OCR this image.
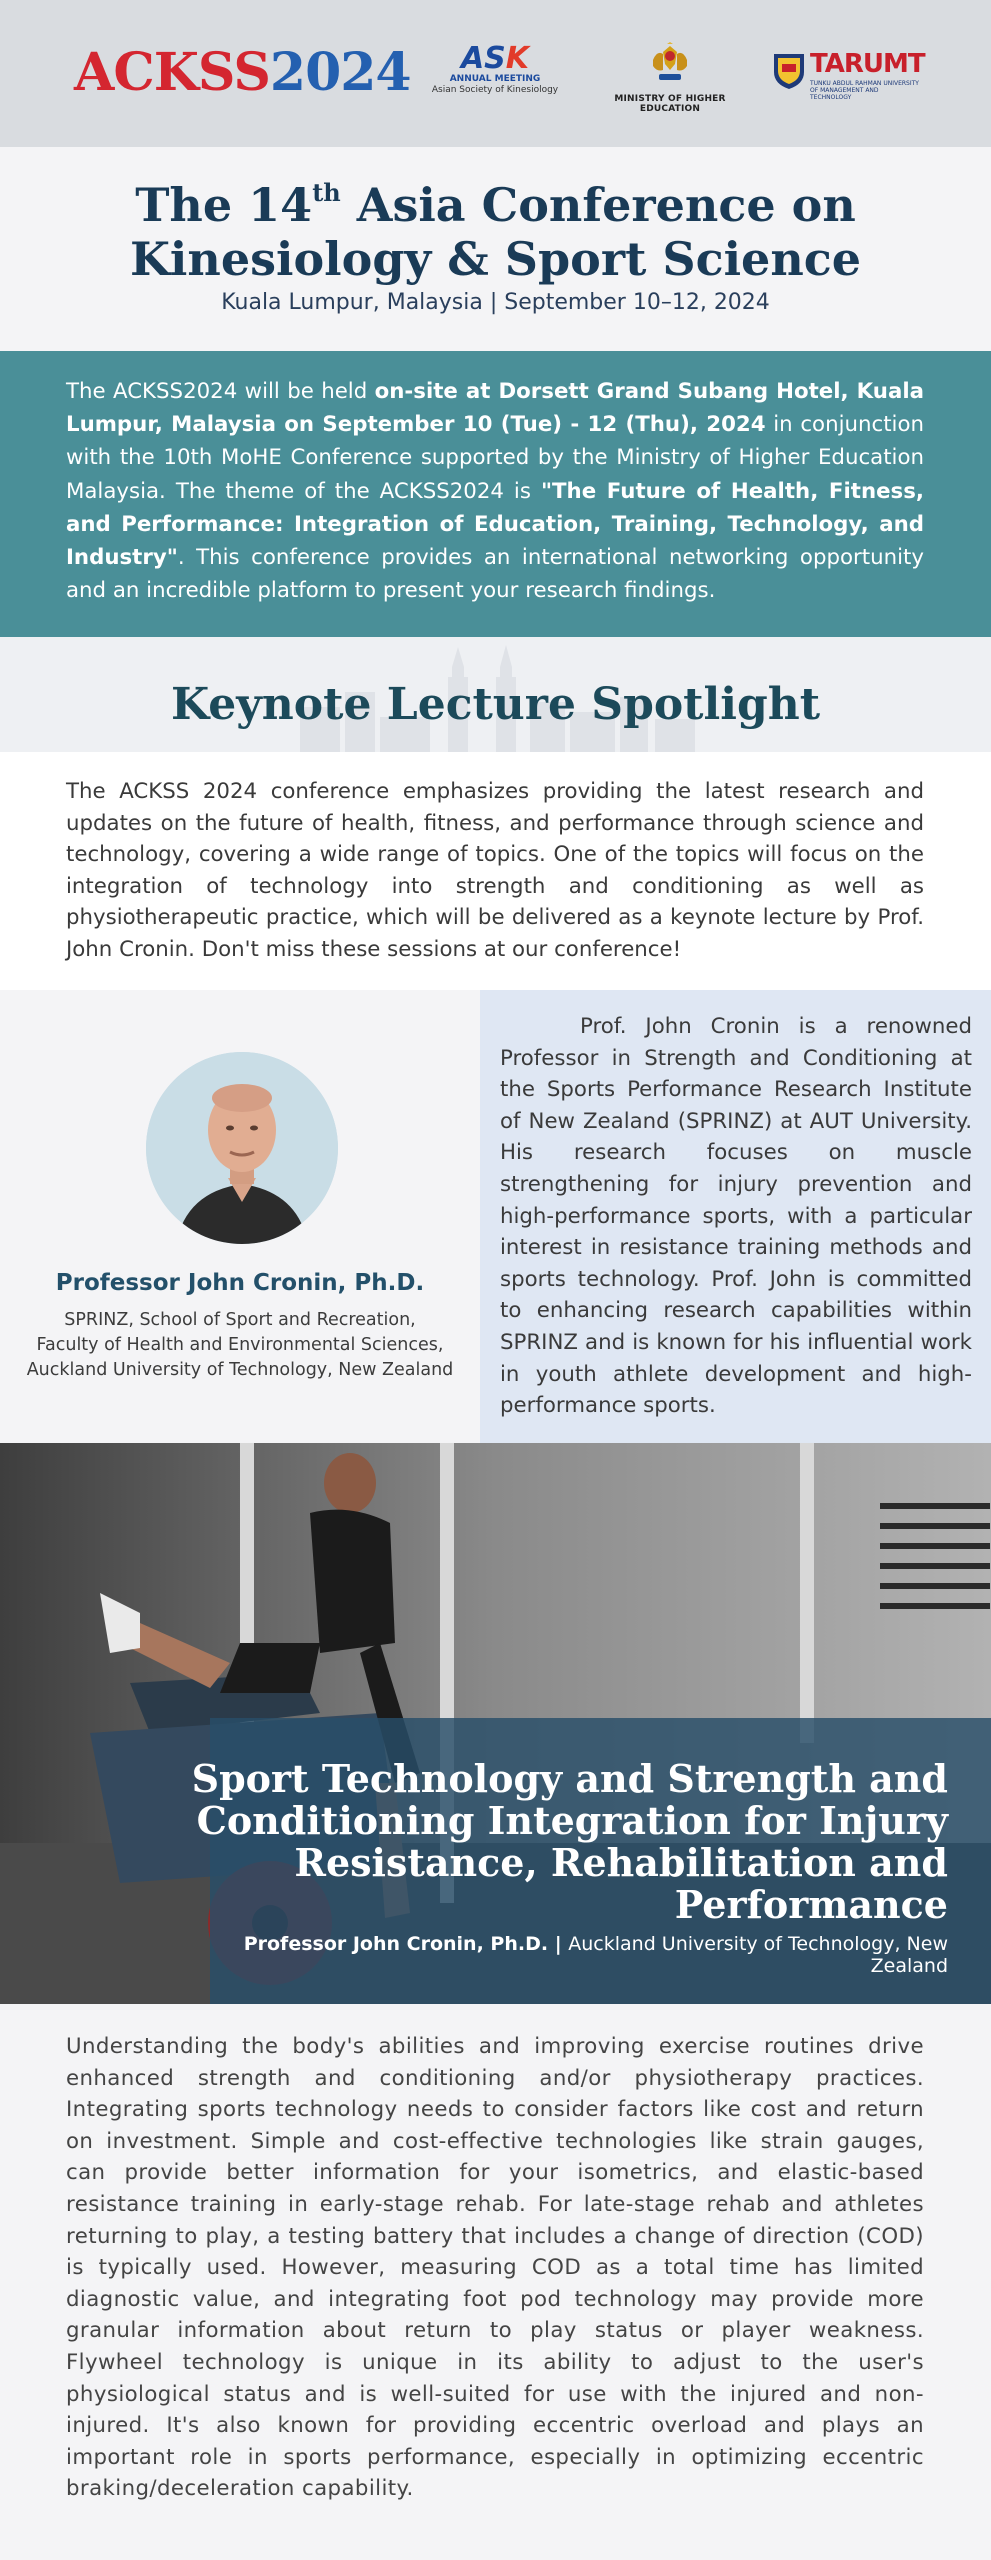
ACKSS2024	ASK
ANNUAL MEETING
Asian Society of Kinesiology
MINISTRY OF HIGHER EDUCATION
TARUMT
TUNKU ABDUL RAHMAN UNIVERSITY OF MANAGEMENT AND TECHNOLOGY
The 14th Asia Conference on
Kinesiology & Sport Science
Kuala Lumpur, Malaysia | September 10–12, 2024

The ACKSS2024 will be held on-site at Dorsett Grand Subang Hotel, Kuala Lumpur, Malaysia on September 10 (Tue) - 12 (Thu), 2024 in conjunction with the 10th MoHE Conference supported by the Ministry of Higher Education Malaysia. The theme of the ACKSS2024 is "The Future of Health, Fitness, and Performance: Integration of Education, Training, Technology, and Industry". This conference provides an international networking opportunity and an incredible platform to present your research findings.

Keynote Lecture Spotlight

The ACKSS 2024 conference emphasizes providing the latest research and updates on the future of health, fitness, and performance through science and technology, covering a wide range of topics. One of the topics will focus on the integration of technology into strength and conditioning as well as physiotherapeutic practice, which will be delivered as a keynote lecture by Prof. John Cronin. Don't miss these sessions at our conference!

Professor John Cronin, Ph.D.
SPRINZ, School of Sport and Recreation,
Faculty of Health and Environmental Sciences,
Auckland University of Technology, New Zealand

Prof. John Cronin is a renowned Professor in Strength and Conditioning at the Sports Performance Research Institute of New Zealand (SPRINZ) at AUT University. His research focuses on muscle strengthening for injury prevention and high-performance sports, with a particular interest in resistance training methods and sports technology. Prof. John is committed to enhancing research capabilities within SPRINZ and is known for his influential work in youth athlete development and high-performance sports.

Sport Technology and Strength and
Conditioning Integration for Injury
Resistance, Rehabilitation and
Performance
Professor John Cronin, Ph.D. | Auckland University of Technology, New Zealand

Understanding the body's abilities and improving exercise routines drive enhanced strength and conditioning and/or physiotherapy practices. Integrating sports technology needs to consider factors like cost and return on investment. Simple and cost-effective technologies like strain gauges, can provide better information for your isometrics, and elastic-based resistance training in early-stage rehab. For late-stage rehab and athletes returning to play, a testing battery that includes a change of direction (COD) is typically used. However, measuring COD as a total time has limited diagnostic value, and integrating foot pod technology may provide more granular information about return to play status or player weakness. Flywheel technology is unique in its ability to adjust to the user's physiological status and is well-suited for use with the injured and non-injured. It's also known for providing eccentric overload and plays an important role in sports performance, especially in optimizing eccentric braking/deceleration capability.
